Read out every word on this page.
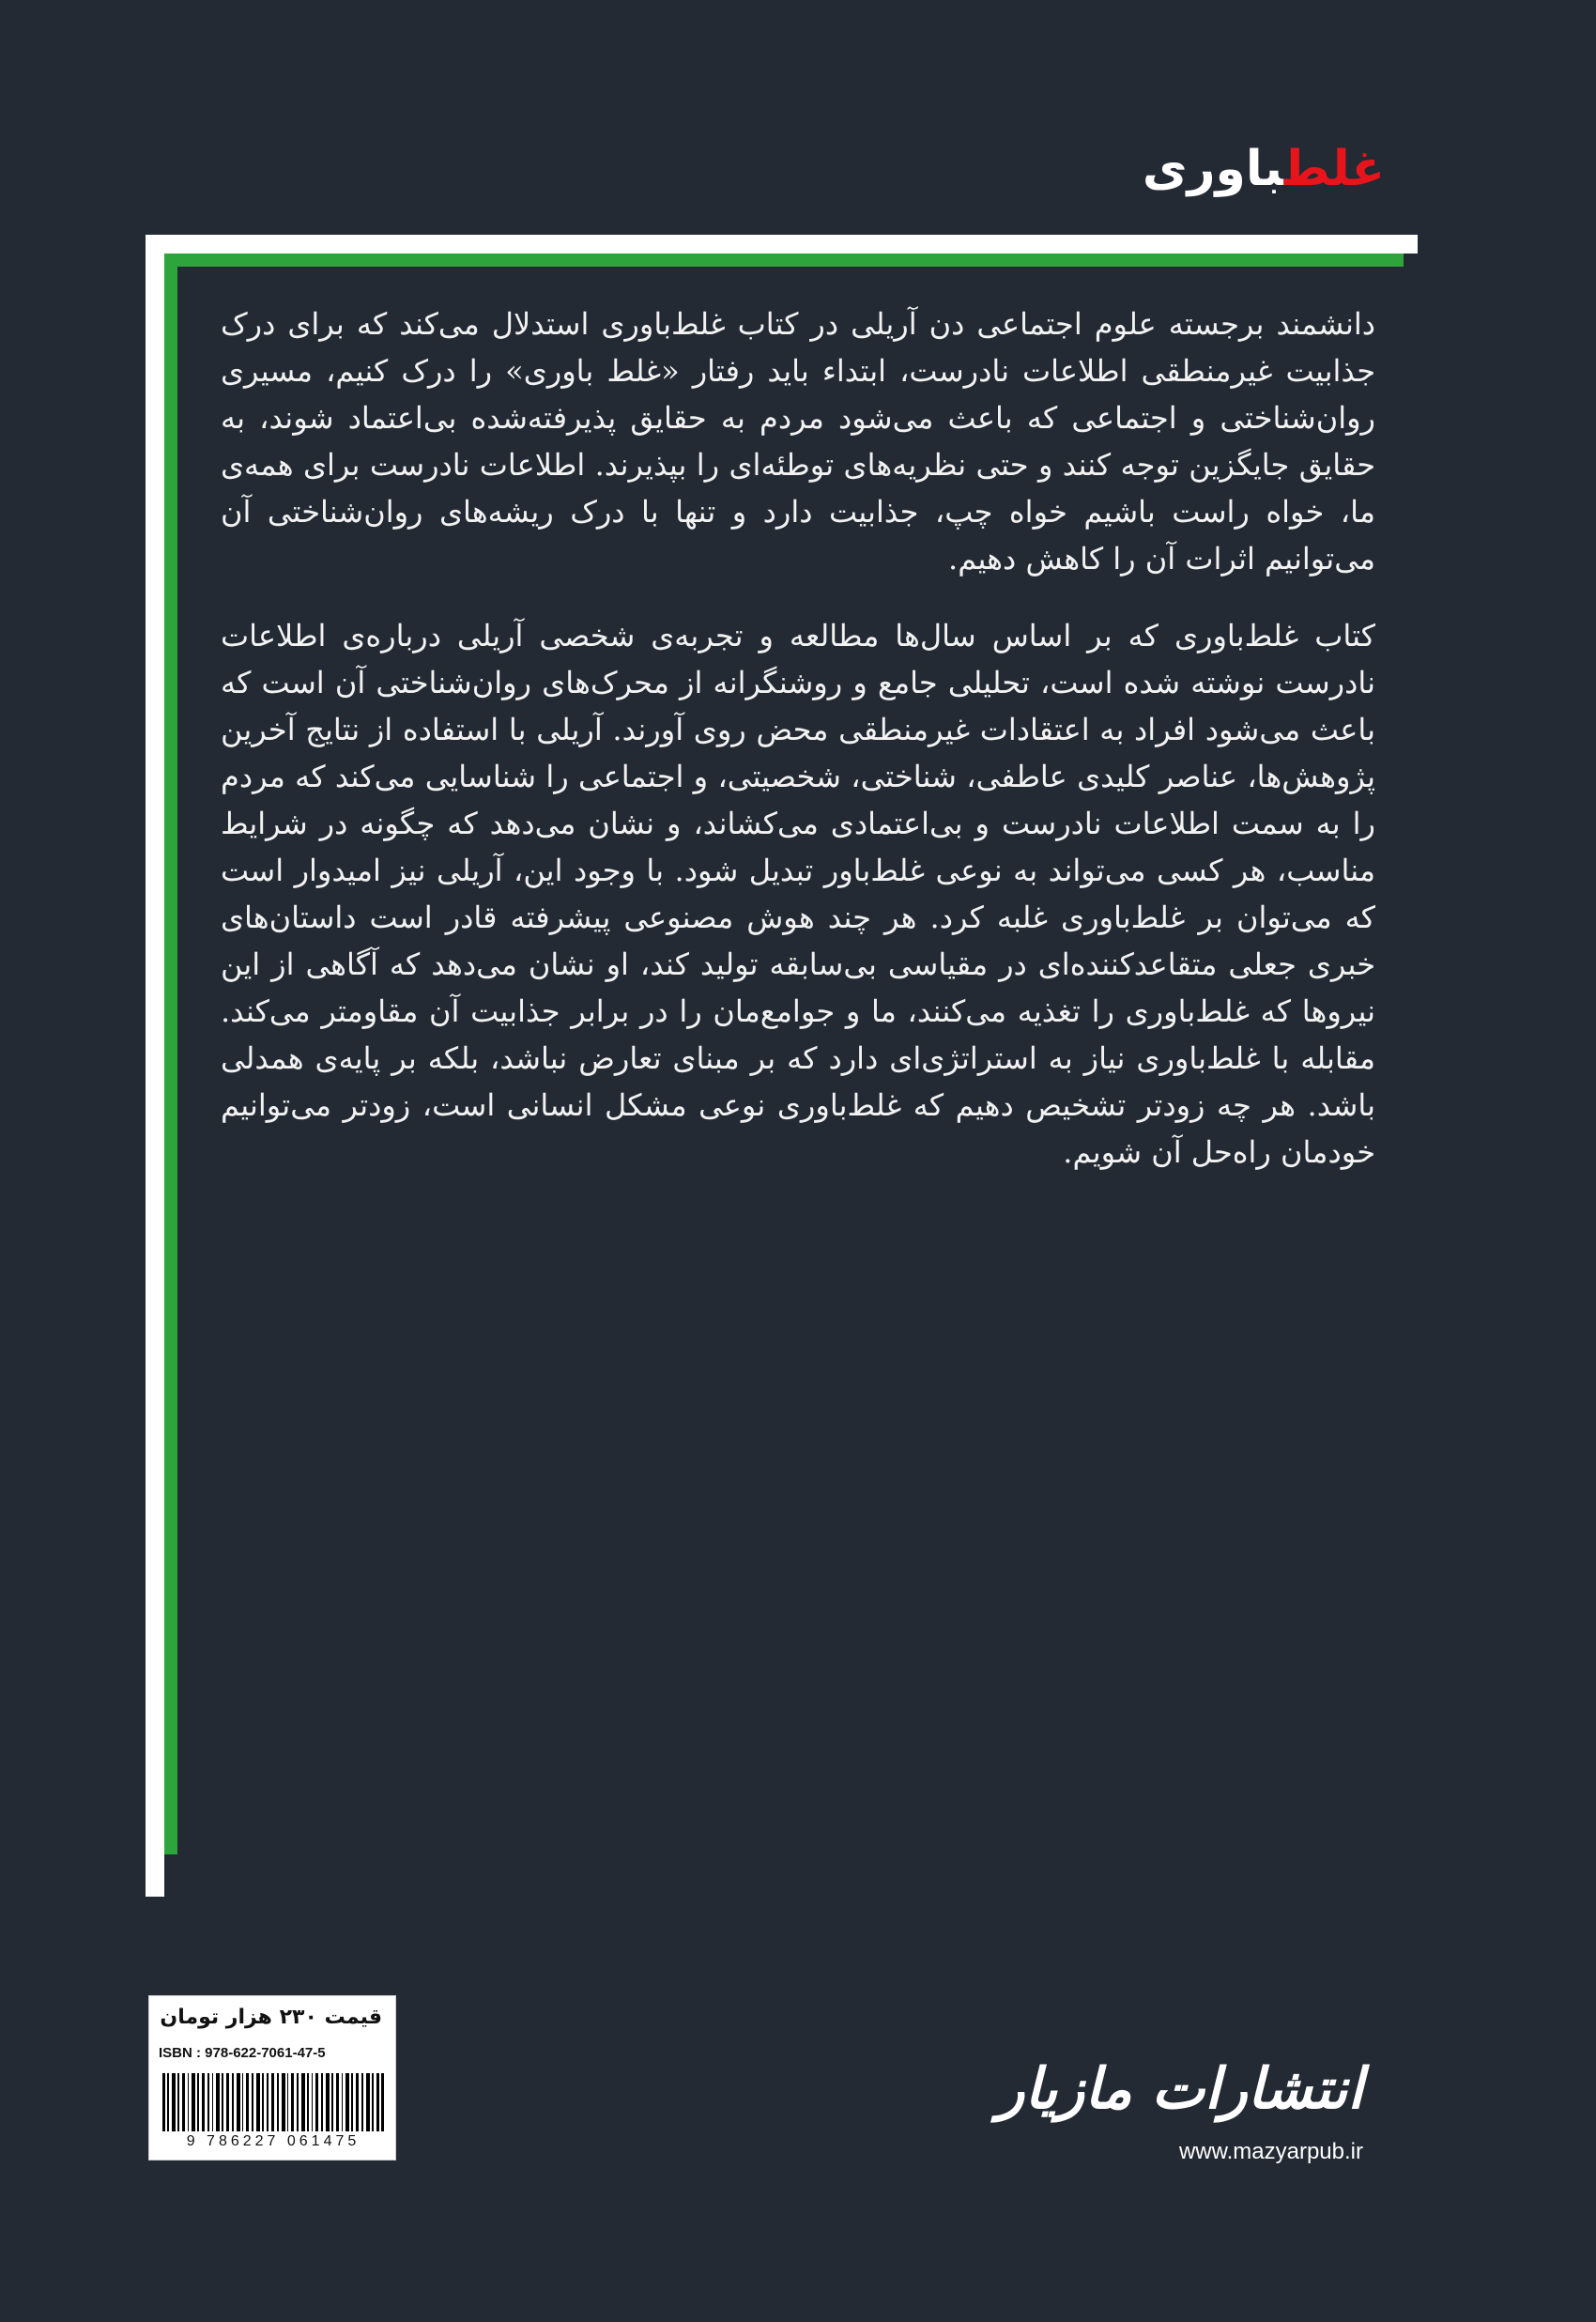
غلطباوری

دانشمند برجسته علوم اجتماعی دن آریلی در کتاب غلط‌باوری استدلال می‌کند که برای درک جذابیت غیرمنطقی اطلاعات نادرست، ابتداء باید رفتار «غلط باوری» را درک کنیم، مسیری روان‌شناختی و اجتماعی که باعث می‌شود مردم به حقایق پذیرفته‌شده بی‌اعتماد شوند، به حقایق جایگزین توجه کنند و حتی نظریه‌های توطئه‌ای را بپذیرند. اطلاعات نادرست برای همه‌ی ما، خواه راست باشیم خواه چپ، جذابیت دارد و تنها با درک ریشه‌های روان‌شناختی آن می‌توانیم اثرات آن را کاهش دهیم.

کتاب غلط‌باوری که بر اساس سال‌ها مطالعه و تجربه‌ی شخصی آریلی درباره‌ی اطلاعات نادرست نوشته شده است، تحلیلی جامع و روشنگرانه از محرک‌های روان‌شناختی آن است که باعث می‌شود افراد به اعتقادات غیرمنطقی محض روی آورند. آریلی با استفاده از نتایج آخرین پژوهش‌ها، عناصر کلیدی عاطفی، شناختی، شخصیتی، و اجتماعی را شناسایی می‌کند که مردم را به سمت اطلاعات نادرست و بی‌اعتمادی می‌کشاند، و نشان می‌دهد که چگونه در شرایط مناسب، هر کسی می‌تواند به نوعی غلط‌باور تبدیل شود. با وجود این، آریلی نیز امیدوار است که می‌توان بر غلط‌باوری غلبه کرد. هر چند هوش مصنوعی پیشرفته قادر است داستان‌های خبری جعلی متقاعدکننده‌ای در مقیاسی بی‌سابقه تولید کند، او نشان می‌دهد که آگاهی از این نیروها که غلط‌باوری را تغذیه می‌کنند، ما و جوامع‌مان را در برابر جذابیت آن مقاومتر می‌کند. مقابله با غلط‌باوری نیاز به استراتژی‌ای دارد که بر مبنای تعارض نباشد، بلکه بر پایه‌ی همدلی باشد. هر چه زودتر تشخیص دهیم که غلط‌باوری نوعی مشکل انسانی است، زودتر می‌توانیم خودمان راه‌حل آن شویم.

قیمت ۲۳۰ هزار تومان
ISBN : 978-622-7061-47-5
9 786227 061475
انتشارات مازیار
www.mazyarpub.ir
